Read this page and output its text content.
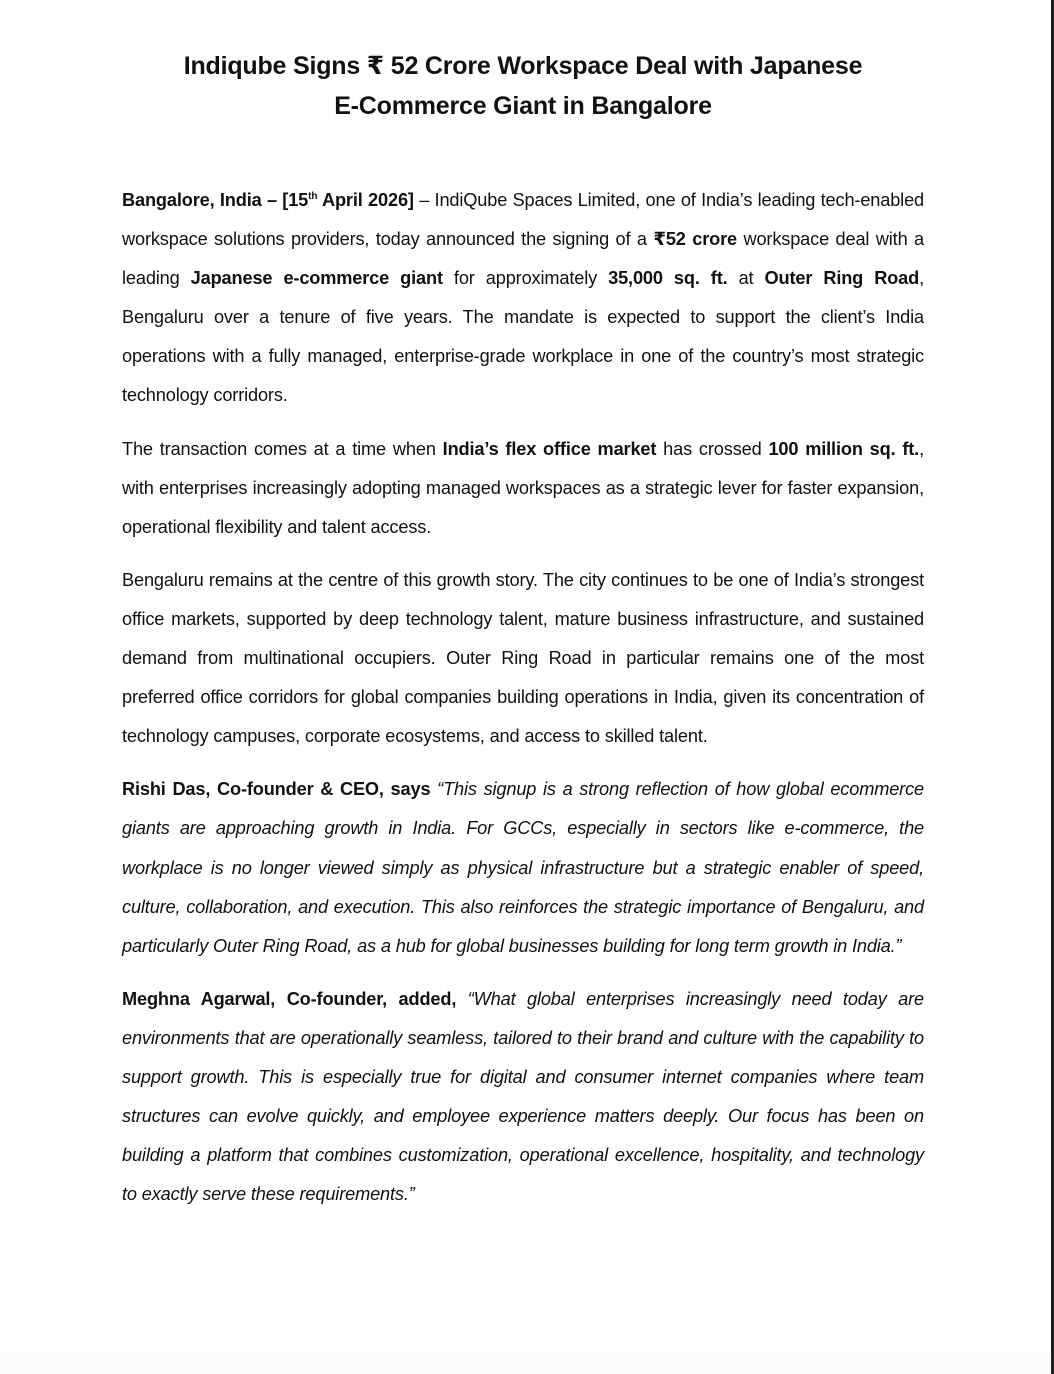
Indiqube Signs ₹ 52 Crore Workspace Deal with Japanese
E-Commerce Giant in Bangalore

Bangalore, India – [15th April 2026] – IndiQube Spaces Limited, one of India’s leading tech-enabled workspace solutions providers, today announced the signing of a ₹52 crore workspace deal with a leading Japanese e-commerce giant for approximately 35,000 sq. ft. at Outer Ring Road, Bengaluru over a tenure of five years. The mandate is expected to support the client’s India operations with a fully managed, enterprise-grade workplace in one of the country’s most strategic technology corridors.

The transaction comes at a time when India’s flex office market has crossed 100 million sq. ft., with enterprises increasingly adopting managed workspaces as a strategic lever for faster expansion, operational flexibility and talent access.

Bengaluru remains at the centre of this growth story. The city continues to be one of India’s strongest office markets, supported by deep technology talent, mature business infrastructure, and sustained demand from multinational occupiers. Outer Ring Road in particular remains one of the most preferred office corridors for global companies building operations in India, given its concentration of technology campuses, corporate ecosystems, and access to skilled talent.

Rishi Das, Co-founder & CEO, says “This signup is a strong reflection of how global ecommerce giants are approaching growth in India. For GCCs, especially in sectors like e-commerce, the workplace is no longer viewed simply as physical infrastructure but a strategic enabler of speed, culture, collaboration, and execution. This also reinforces the strategic importance of Bengaluru, and particularly Outer Ring Road, as a hub for global businesses building for long term growth in India.”

Meghna Agarwal, Co-founder, added, “What global enterprises increasingly need today are environments that are operationally seamless, tailored to their brand and culture with the capability to support growth. This is especially true for digital and consumer internet companies where team structures can evolve quickly, and employee experience matters deeply. Our focus has been on building a platform that combines customization, operational excellence, hospitality, and technology to exactly serve these requirements.”
